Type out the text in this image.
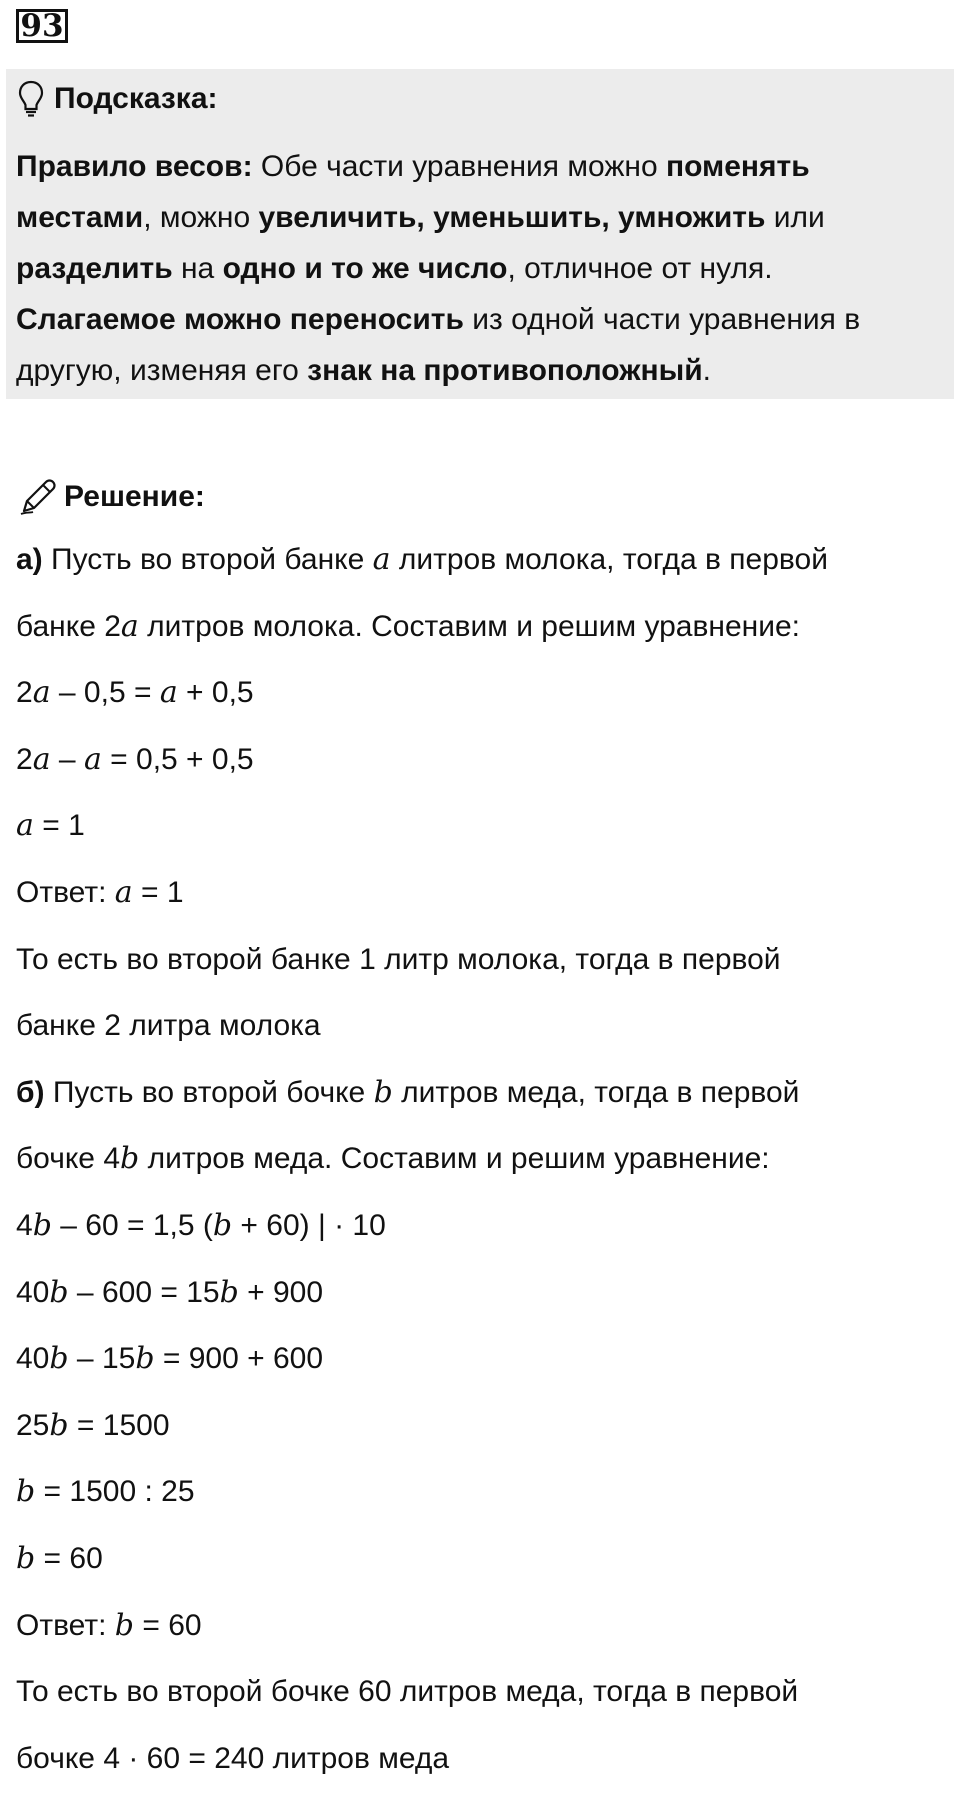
93
Подсказка:
Правило весов: Обе части уравнения можно поменять местами, можно увеличить, уменьшить, умножить или разделить на одно и то же число, отличное от нуля.
Слагаемое можно переносить из одной части уравнения в другую, изменяя его знак на противоположный.
Решение:
а) Пусть во второй банке a литров молока, тогда в первой
банке 2a литров молока. Составим и решим уравнение:
2a – 0,5 = a + 0,5
2a – a = 0,5 + 0,5
a = 1
Ответ: a = 1
То есть во второй банке 1 литр молока, тогда в первой
банке 2 литра молока
б) Пусть во второй бочке b литров меда, тогда в первой
бочке 4b литров меда. Составим и решим уравнение:
4b – 60 = 1,5 (b + 60) | · 10
40b – 600 = 15b + 900
40b – 15b = 900 + 600
25b = 1500
b = 1500 : 25
b = 60
Ответ: b = 60
То есть во второй бочке 60 литров меда, тогда в первой
бочке 4 · 60 = 240 литров меда
